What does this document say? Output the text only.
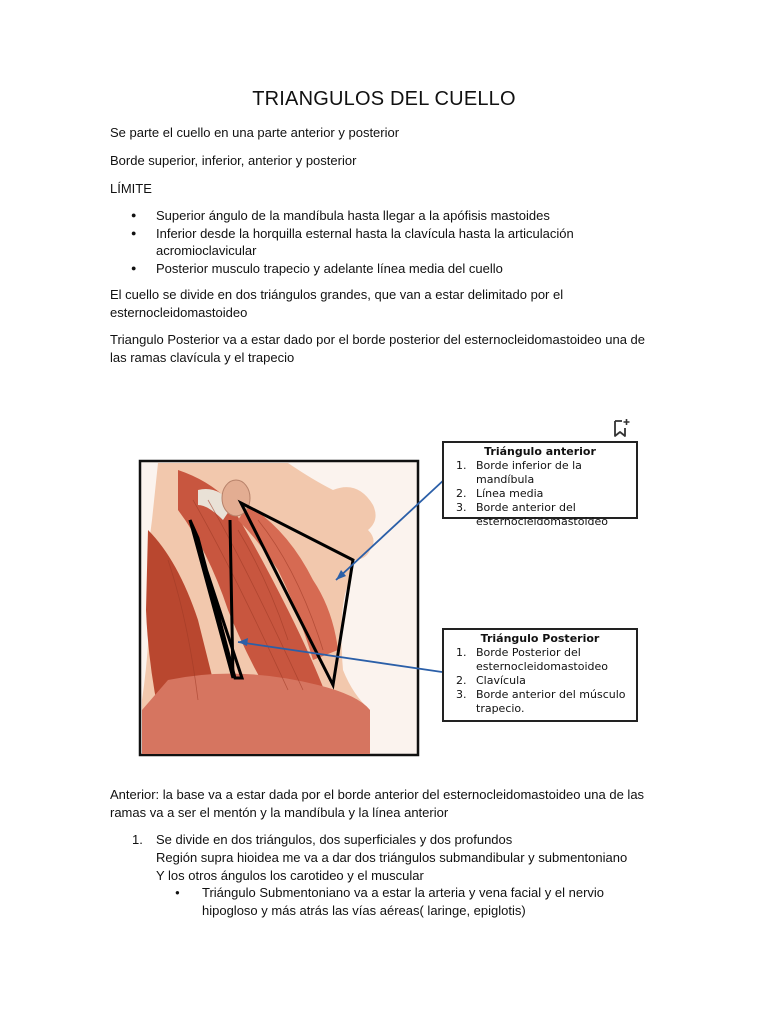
TRIANGULOS DEL CUELLO
Se parte el cuello en una parte anterior y posterior
Borde superior, inferior, anterior y posterior
LÍMITE
● Superior ángulo de la mandíbula hasta llegar a la apófisis mastoides
● Inferior desde la horquilla esternal hasta la clavícula hasta la articulación acromioclavicular
● Posterior musculo trapecio y adelante línea media del cuello
El cuello se divide en dos triángulos grandes, que van a estar delimitado por el esternocleidomastoideo
Triangulo Posterior va a estar dado por el borde posterior del esternocleidomastoideo una de las ramas clavícula y el trapecio
Triángulo anterior
1. Borde inferior de la mandíbula
2. Línea media
3. Borde anterior del esternocleidomastoideo
Triángulo Posterior
1. Borde Posterior del esternocleidomastoideo
2. Clavícula
3. Borde anterior del músculo trapecio.
Anterior: la base va a estar dada por el borde anterior del esternocleidomastoideo una de las ramas va a ser el mentón y la mandíbula y la línea anterior
1. Se divide en dos triángulos, dos superficiales y dos profundos
Región supra hioidea me va a dar dos triángulos submandibular y submentoniano
Y los otros ángulos los carotideo y el muscular
● Triángulo Submentoniano va a estar la arteria y vena facial y el nervio hipogloso y más atrás las vías aéreas( laringe, epiglotis)
